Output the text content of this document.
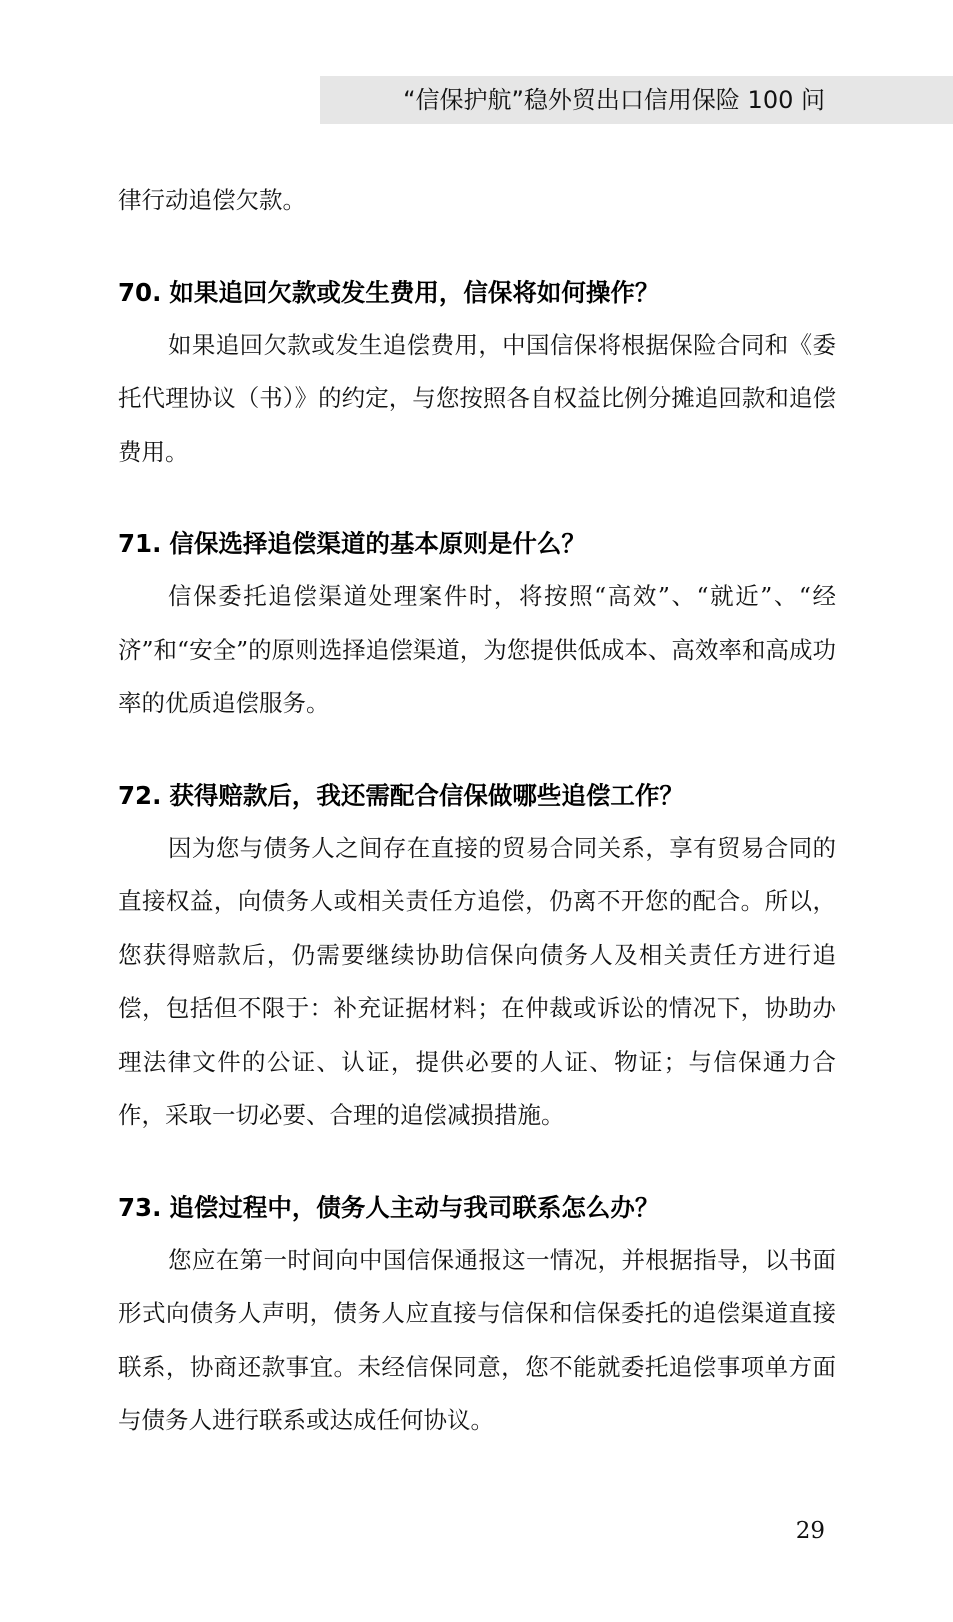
“信保护航”稳外贸出口信用保险 100 问

律行动追偿欠款。

70. 如果追回欠款或发生费用，信保将如何操作？

如果追回欠款或发生追偿费用，中国信保将根据保险合同和《委托代理协议（书）》的约定，与您按照各自权益比例分摊追回款和追偿费用。

71. 信保选择追偿渠道的基本原则是什么？

信保委托追偿渠道处理案件时，将按照“高效”、“就近”、“经济”和“安全”的原则选择追偿渠道，为您提供低成本、高效率和高成功率的优质追偿服务。

72. 获得赔款后，我还需配合信保做哪些追偿工作？

因为您与债务人之间存在直接的贸易合同关系，享有贸易合同的直接权益，向债务人或相关责任方追偿，仍离不开您的配合。所以，您获得赔款后，仍需要继续协助信保向债务人及相关责任方进行追偿，包括但不限于：补充证据材料；在仲裁或诉讼的情况下，协助办理法律文件的公证、认证，提供必要的人证、物证；与信保通力合作，采取一切必要、合理的追偿减损措施。

73. 追偿过程中，债务人主动与我司联系怎么办？

您应在第一时间向中国信保通报这一情况，并根据指导，以书面形式向债务人声明，债务人应直接与信保和信保委托的追偿渠道直接联系，协商还款事宜。未经信保同意，您不能就委托追偿事项单方面与债务人进行联系或达成任何协议。

29
